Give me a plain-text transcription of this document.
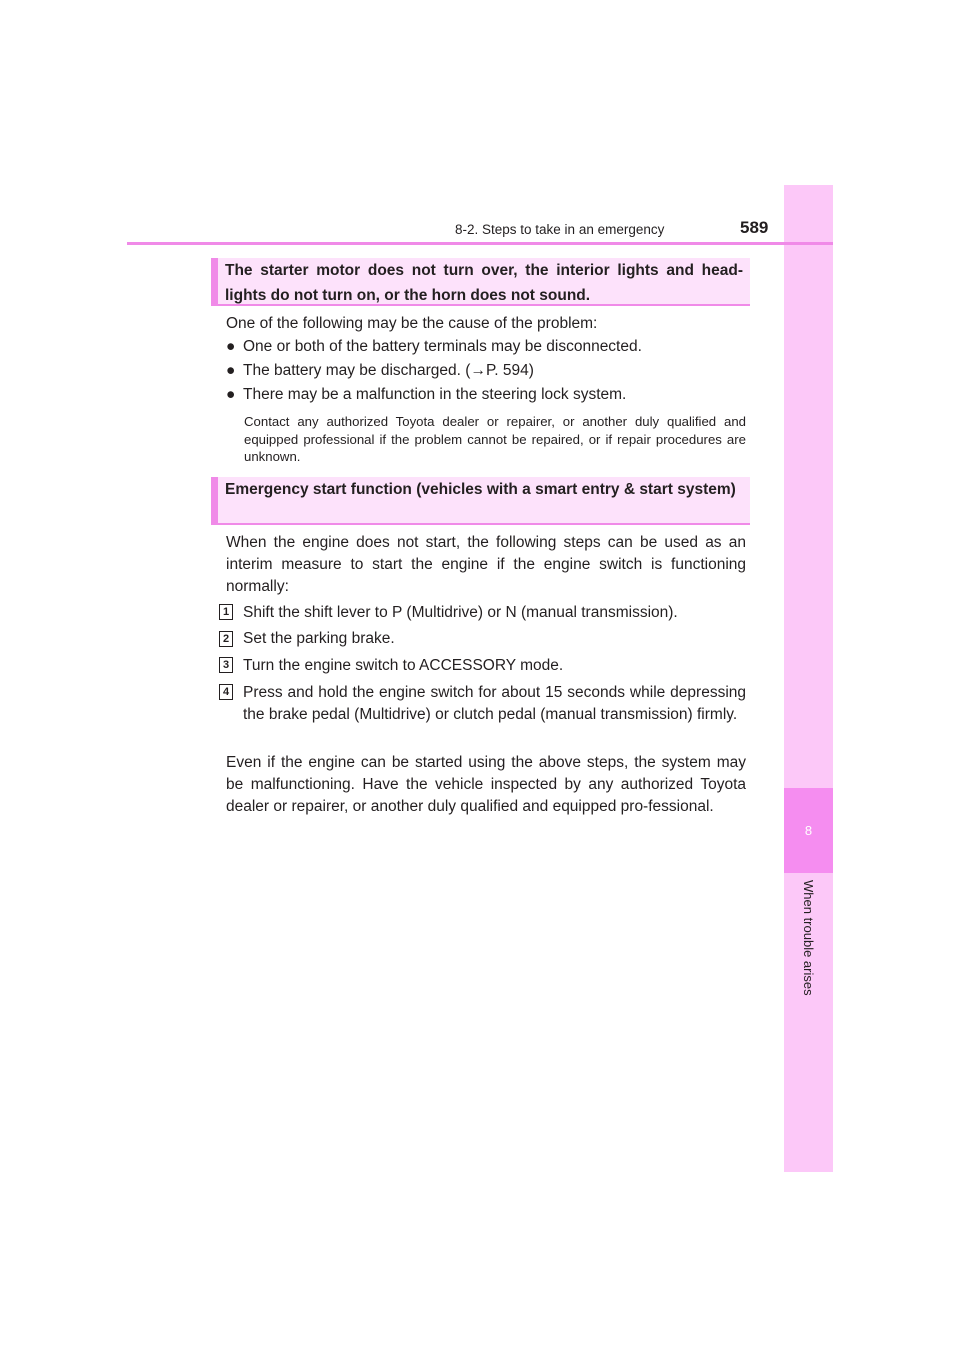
8
When trouble arises
8-2. Steps to take in an emergency	589
The starter motor does not turn over, the interior lights and head-lights do not turn on, or the horn does not sound.

One of the following may be the cause of the problem:

● One or both of the battery terminals may be disconnected.

● The battery may be discharged. (→P. 594)

● There may be a malfunction in the steering lock system.

Contact any authorized Toyota dealer or repairer, or another duly qualified and equipped professional if the problem cannot be repaired, or if repair procedures are unknown.

Emergency start function (vehicles with a smart entry & start system)

When the engine does not start, the following steps can be used as an interim measure to start the engine if the engine switch is functioning normally:

1 Shift the shift lever to P (Multidrive) or N (manual transmission).

2 Set the parking brake.

3 Turn the engine switch to ACCESSORY mode.

4 Press and hold the engine switch for about 15 seconds while depressing the brake pedal (Multidrive) or clutch pedal (manual transmission) firmly.

Even if the engine can be started using the above steps, the system may be malfunctioning. Have the vehicle inspected by any authorized Toyota dealer or repairer, or another duly qualified and equipped pro-fessional.
